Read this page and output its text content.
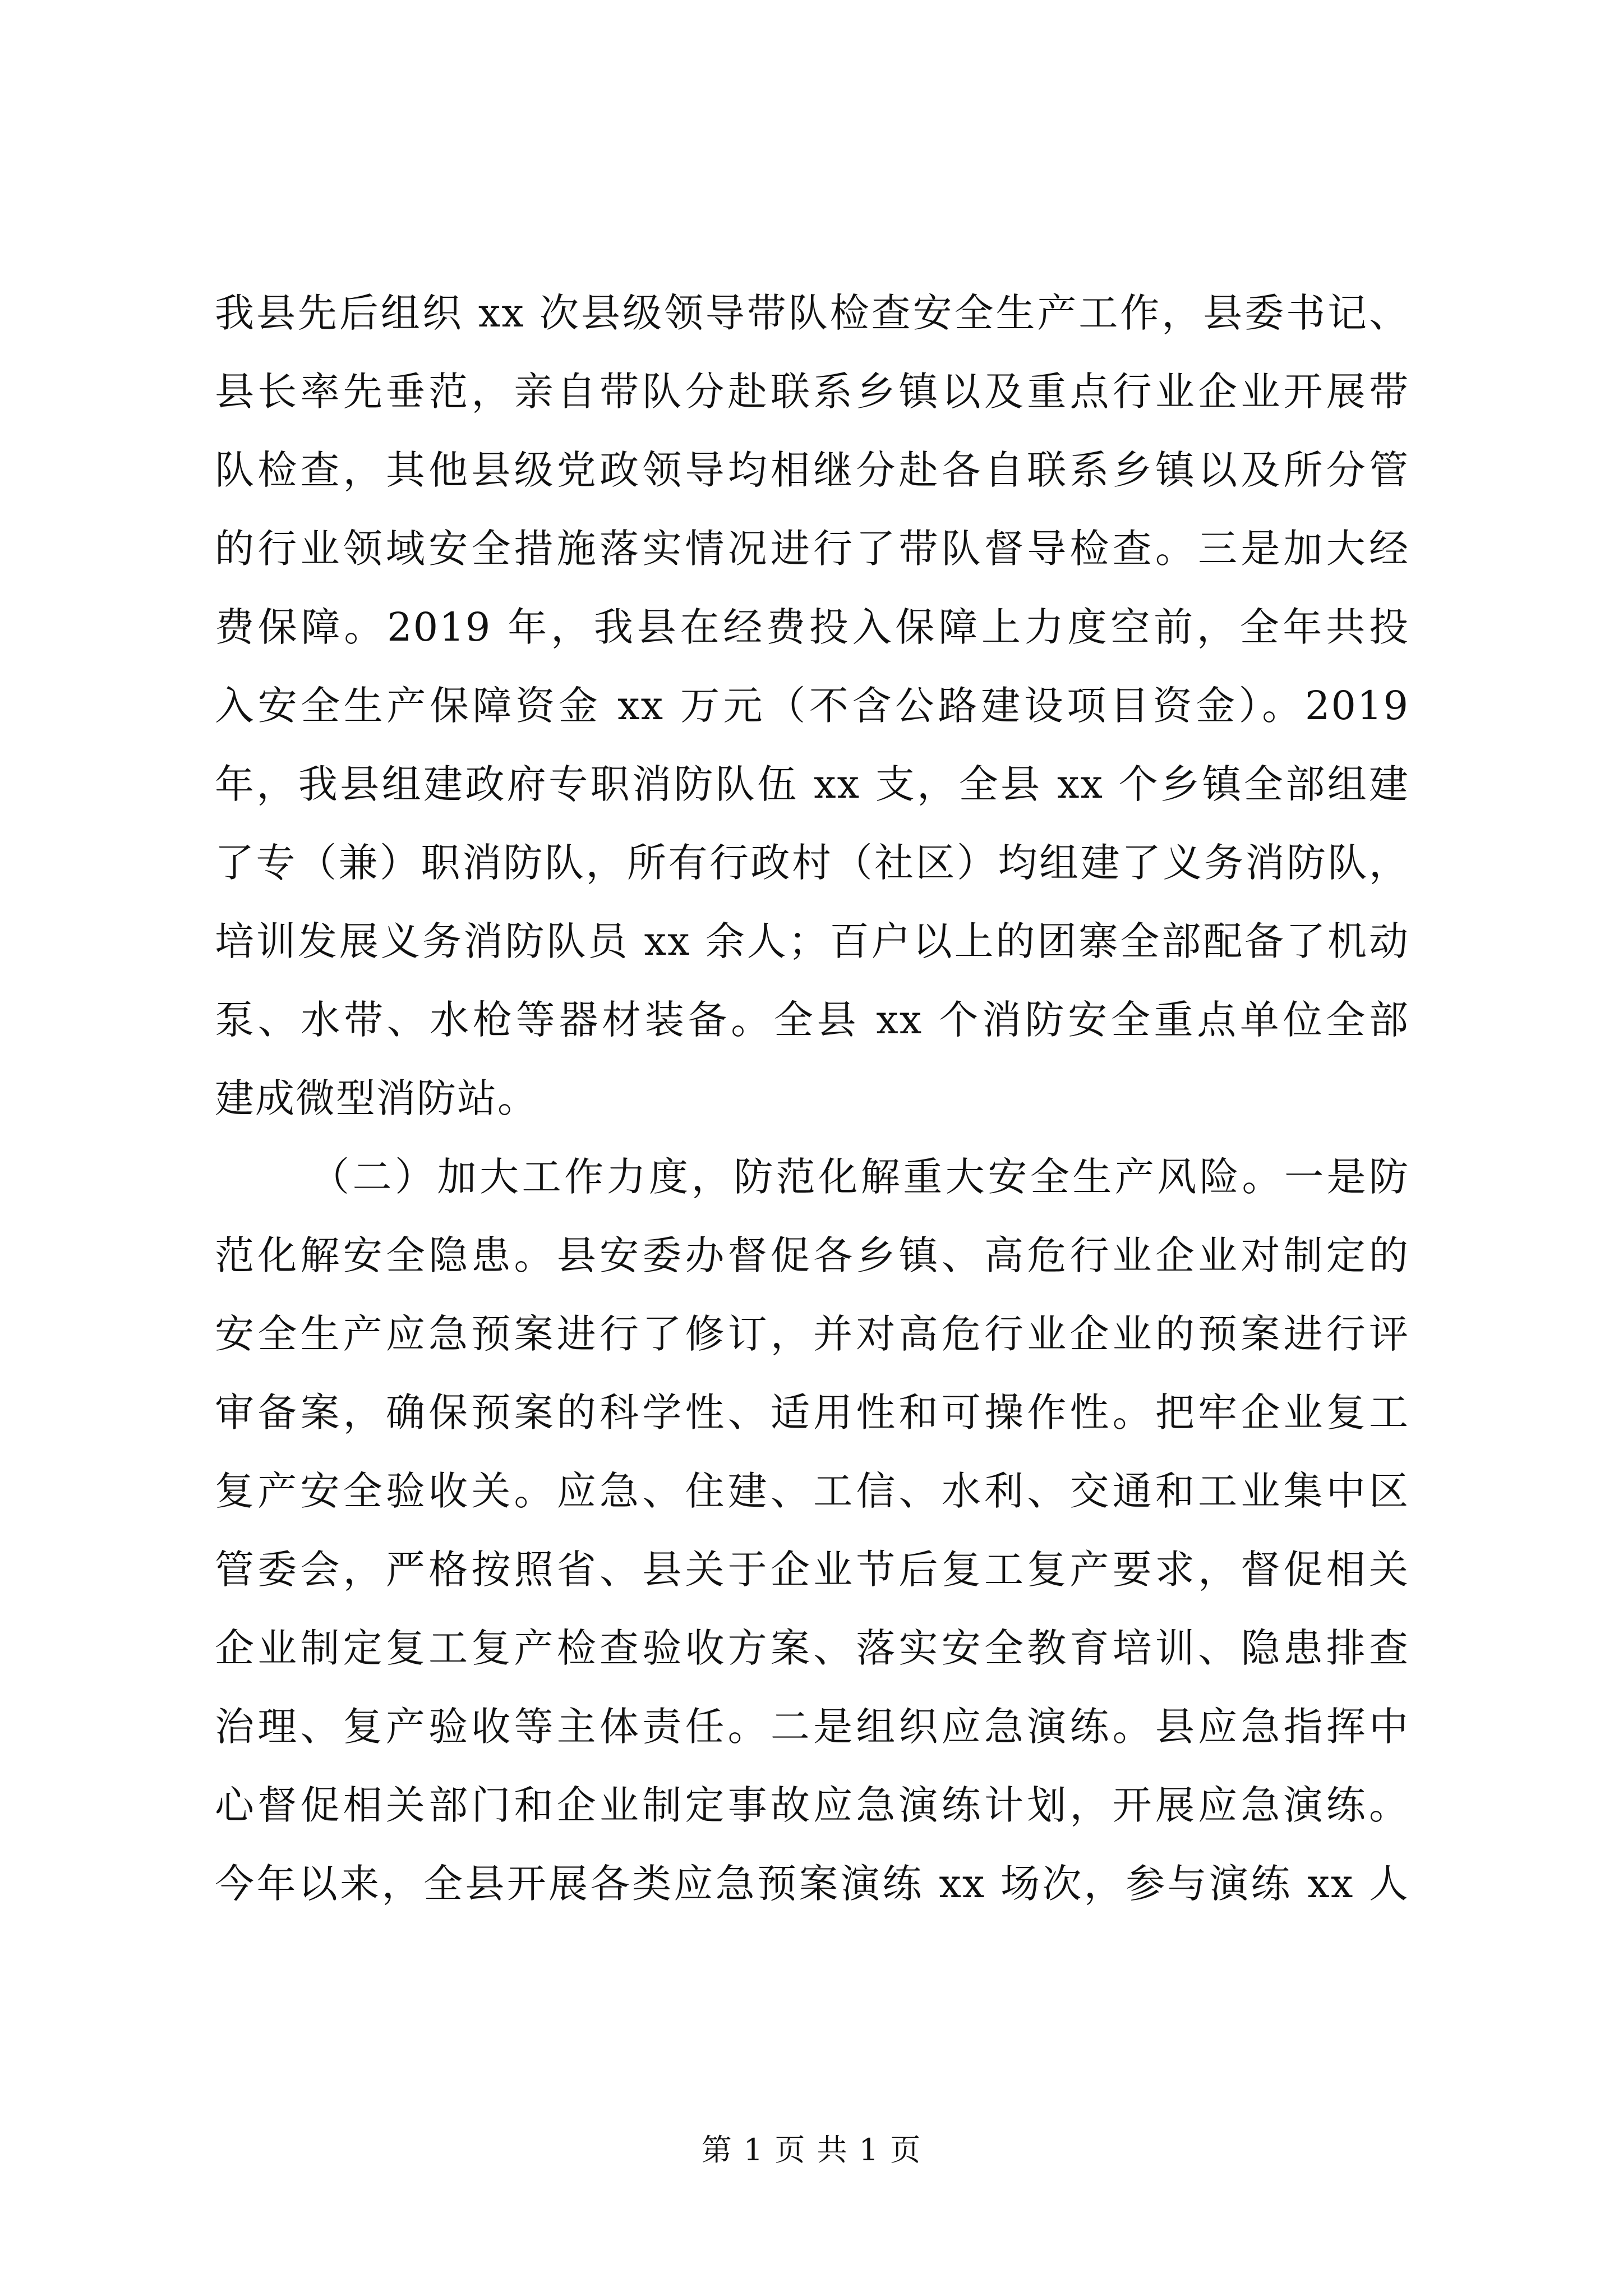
我县先后组织 xx 次县级领导带队检查安全生产工作，县委书记、
县长率先垂范，亲自带队分赴联系乡镇以及重点行业企业开展带
队检查，其他县级党政领导均相继分赴各自联系乡镇以及所分管
的行业领域安全措施落实情况进行了带队督导检查。三是加大经
费保障。2019 年，我县在经费投入保障上力度空前，全年共投
入安全生产保障资金 xx 万元（不含公路建设项目资金）。2019
年，我县组建政府专职消防队伍 xx 支，全县 xx 个乡镇全部组建
了专（兼）职消防队，所有行政村（社区）均组建了义务消防队，
培训发展义务消防队员 xx 余人；百户以上的团寨全部配备了机动
泵、水带、水枪等器材装备。全县 xx 个消防安全重点单位全部
建成微型消防站。
（二）加大工作力度，防范化解重大安全生产风险。一是防
范化解安全隐患。县安委办督促各乡镇、高危行业企业对制定的
安全生产应急预案进行了修订，并对高危行业企业的预案进行评
审备案，确保预案的科学性、适用性和可操作性。把牢企业复工
复产安全验收关。应急、住建、工信、水利、交通和工业集中区
管委会，严格按照省、县关于企业节后复工复产要求，督促相关
企业制定复工复产检查验收方案、落实安全教育培训、隐患排查
治理、复产验收等主体责任。二是组织应急演练。县应急指挥中
心督促相关部门和企业制定事故应急演练计划，开展应急演练。
今年以来，全县开展各类应急预案演练 xx 场次，参与演练 xx 人
第 1 页 共 1 页
